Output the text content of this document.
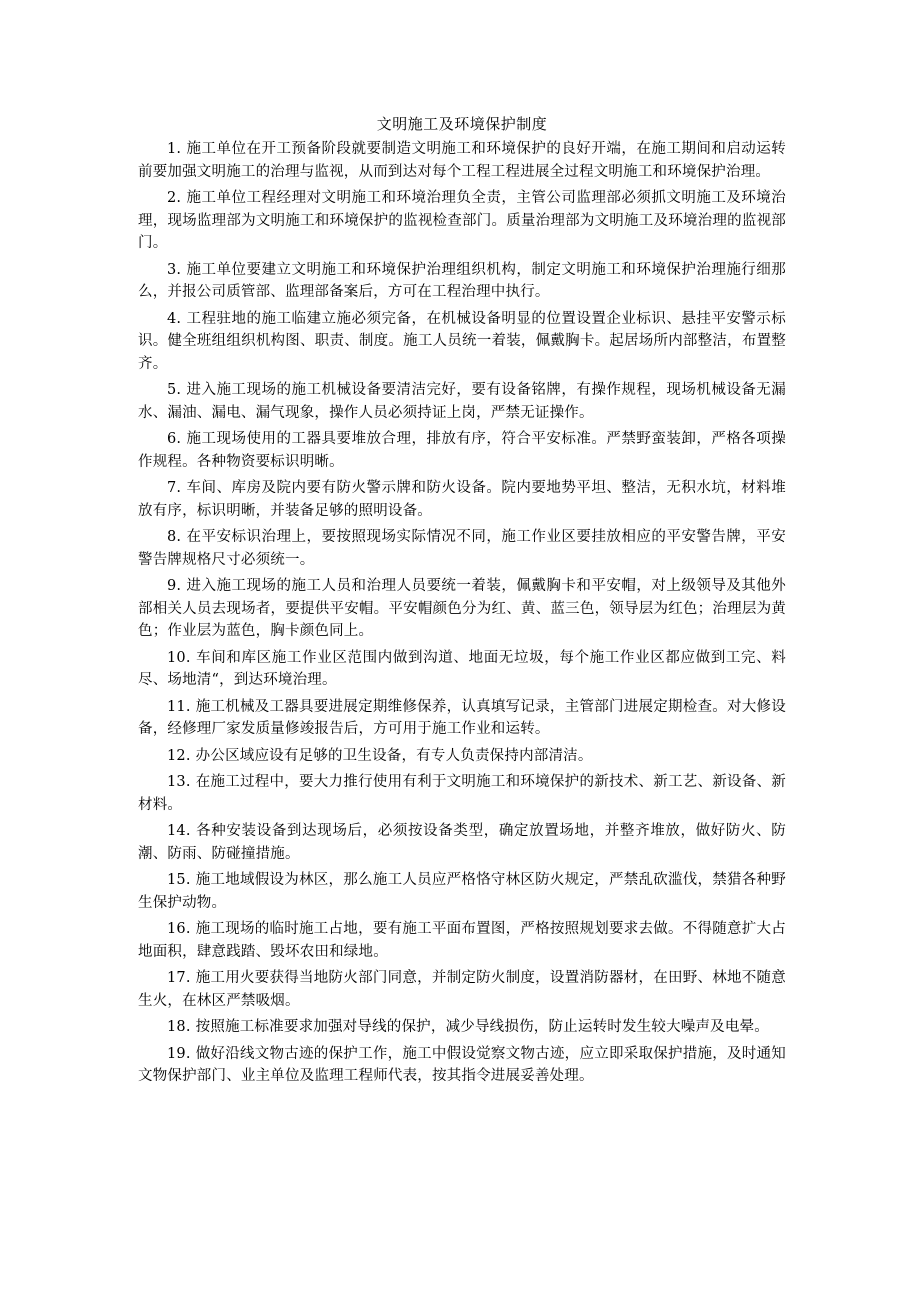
文明施工及环境保护制度

1. 施工单位在开工预备阶段就要制造文明施工和环境保护的良好开端，在施工期间和启动运转前要加强文明施工的治理与监视，从而到达对每个工程工程进展全过程文明施工和环境保护治理。

2. 施工单位工程经理对文明施工和环境治理负全责，主管公司监理部必须抓文明施工及环境治理，现场监理部为文明施工和环境保护的监视检查部门。质量治理部为文明施工及环境治理的监视部门。

3. 施工单位要建立文明施工和环境保护治理组织机构，制定文明施工和环境保护治理施行细那么，并报公司质管部、监理部备案后，方可在工程治理中执行。

4. 工程驻地的施工临建立施必须完备，在机械设备明显的位置设置企业标识、悬挂平安警示标识。健全班组组织机构图、职责、制度。施工人员统一着装，佩戴胸卡。起居场所内部整洁，布置整齐。

5. 进入施工现场的施工机械设备要清洁完好，要有设备铭牌，有操作规程，现场机械设备无漏水、漏油、漏电、漏气现象，操作人员必须持证上岗，严禁无证操作。

6. 施工现场使用的工器具要堆放合理，排放有序，符合平安标准。严禁野蛮装卸，严格各项操作规程。各种物资要标识明晰。

7. 车间、库房及院内要有防火警示牌和防火设备。院内要地势平坦、整洁，无积水坑，材料堆放有序，标识明晰，并装备足够的照明设备。

8. 在平安标识治理上，要按照现场实际情况不同，施工作业区要挂放相应的平安警告牌，平安警告牌规格尺寸必须统一。

9. 进入施工现场的施工人员和治理人员要统一着装，佩戴胸卡和平安帽，对上级领导及其他外部相关人员去现场者，要提供平安帽。平安帽颜色分为红、黄、蓝三色，领导层为红色；治理层为黄色；作业层为蓝色，胸卡颜色同上。

10. 车间和库区施工作业区范围内做到沟道、地面无垃圾，每个施工作业区都应做到工完、料尽、场地清“，到达环境治理。

11. 施工机械及工器具要进展定期维修保养，认真填写记录，主管部门进展定期检查。对大修设备，经修理厂家发质量修竣报告后，方可用于施工作业和运转。

12. 办公区域应设有足够的卫生设备，有专人负责保持内部清洁。

13. 在施工过程中，要大力推行使用有利于文明施工和环境保护的新技术、新工艺、新设备、新材料。

14. 各种安装设备到达现场后，必须按设备类型，确定放置场地，并整齐堆放，做好防火、防潮、防雨、防碰撞措施。

15. 施工地域假设为林区，那么施工人员应严格恪守林区防火规定，严禁乱砍滥伐，禁猎各种野生保护动物。

16. 施工现场的临时施工占地，要有施工平面布置图，严格按照规划要求去做。不得随意扩大占地面积，肆意践踏、毁坏农田和绿地。

17. 施工用火要获得当地防火部门同意，并制定防火制度，设置消防器材，在田野、林地不随意生火，在林区严禁吸烟。

18. 按照施工标准要求加强对导线的保护，减少导线损伤，防止运转时发生较大噪声及电晕。

19. 做好沿线文物古迹的保护工作，施工中假设觉察文物古迹，应立即采取保护措施，及时通知文物保护部门、业主单位及监理工程师代表，按其指令进展妥善处理。
